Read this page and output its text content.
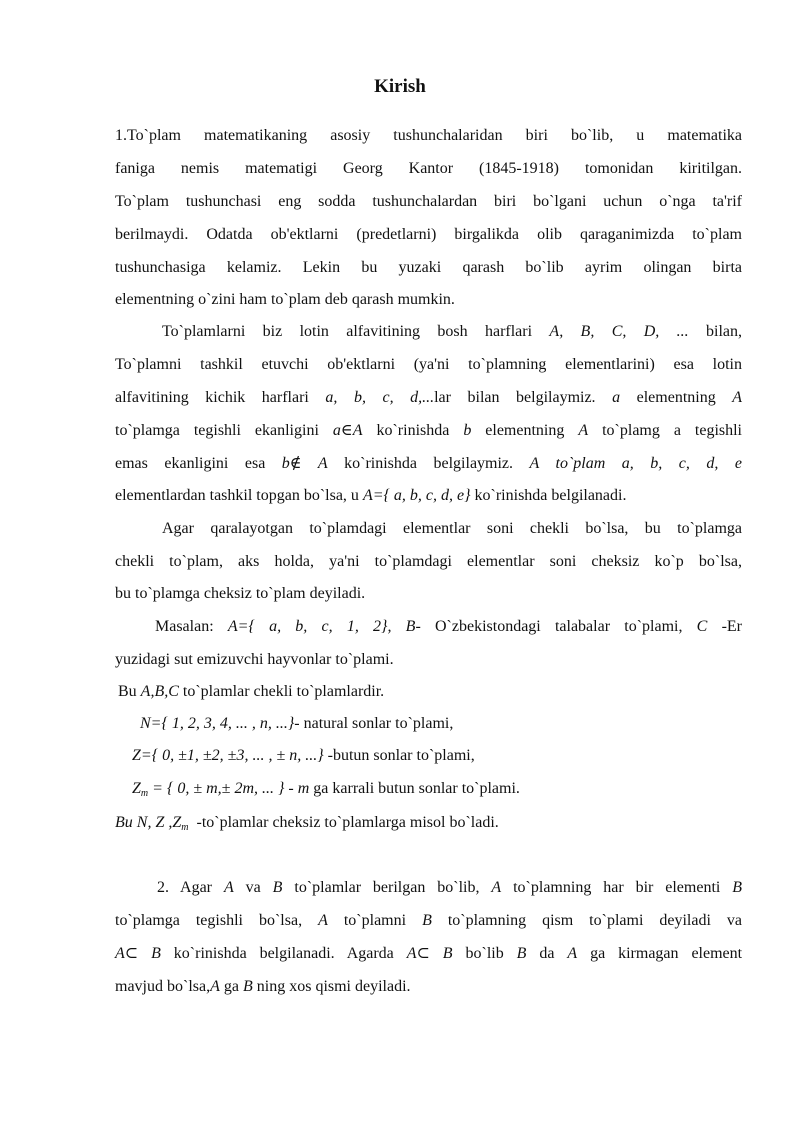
Kirish
1.To`plam matematikaning asosiy tushunchalaridan biri bo`lib, u matematika
faniga nemis matematigi Georg Kantor (1845-1918) tomonidan kiritilgan.
To`plam tushunchasi eng sodda tushunchalardan biri bo`lgani uchun o`nga ta'rif
berilmaydi. Odatda ob'ektlarni (predetlarni) birgalikda olib qaraganimizda to`plam
tushunchasiga kelamiz. Lekin bu yuzaki qarash bo`lib ayrim olingan birta
elementning o`zini ham to`plam deb qarash mumkin.
To`plamlarni biz lotin alfavitining bosh harflari A, B, C, D, ... bilan,
To`plamni tashkil etuvchi ob'ektlarni (ya'ni to`plamning elementlarini) esa lotin
alfavitining kichik harflari a, b, c, d,...lar bilan belgilaymiz. a elementning A
to`plamga tegishli ekanligini a∈A ko`rinishda b elementning A to`plamg a tegishli
emas ekanligini esa b∉ A ko`rinishda belgilaymiz. A to`plam a, b, c, d, e
elementlardan tashkil topgan bo`lsa, u A={ a, b, c, d, e} ko`rinishda belgilanadi.
Agar qaralayotgan to`plamdagi elementlar soni chekli bo`lsa, bu to`plamga
chekli to`plam, aks holda, ya'ni to`plamdagi elementlar soni cheksiz ko`p bo`lsa,
bu to`plamga cheksiz to`plam deyiladi.
Masalan: A={ a, b, c, 1, 2}, B- O`zbekistondagi talabalar to`plami, C -Er
yuzidagi sut emizuvchi hayvonlar to`plami.
Bu A,B,C to`plamlar chekli to`plamlardir.
N={ 1, 2, 3, 4, ... , n, ...}- natural sonlar to`plami,
Z={ 0, ±1, ±2, ±3, ... , ± n, ...} -butun sonlar to`plami,
$Z_m$ = { 0, ± m,± 2m, ... } - m ga karrali butun sonlar to`plami.
Bu N, Z $,Z_m$ -to`plamlar cheksiz to`plamlarga misol bo`ladi.
2. Agar A va B to`plamlar berilgan bo`lib, A to`plamning har bir elementi B
to`plamga tegishli bo`lsa, A to`plamni B to`plamning qism to`plami deyiladi va
A⊂ B ko`rinishda belgilanadi. Agarda A⊂ B bo`lib B da A ga kirmagan element
mavjud bo`lsa,A ga B ning xos qismi deyiladi.
